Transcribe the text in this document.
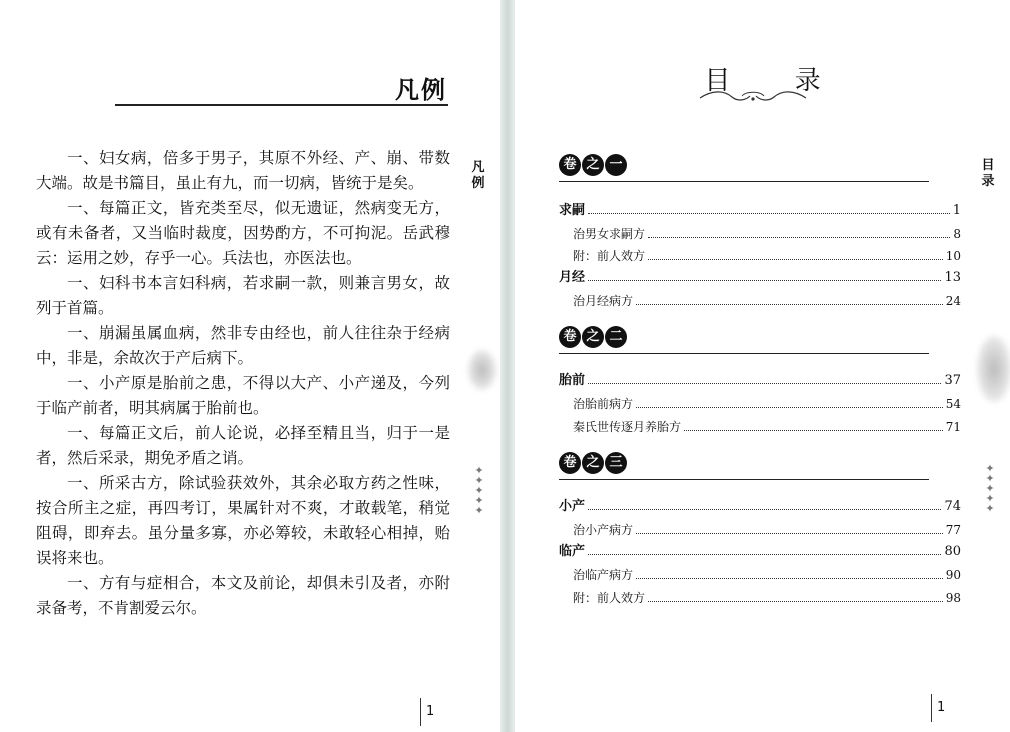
凡例

一、妇女病，倍多于男子，其原不外经、产、崩、带数大端。故是书篇目，虽止有九，而一切病，皆统于是矣。

一、每篇正文，皆充类至尽，似无遗证，然病变无方，或有未备者，又当临时裁度，因势酌方，不可拘泥。岳武穆云：运用之妙，存乎一心。兵法也，亦医法也。

一、妇科书本言妇科病，若求嗣一款，则兼言男女，故列于首篇。

一、崩漏虽属血病，然非专由经也，前人往往杂于经病中，非是，余故次于产后病下。

一、小产原是胎前之患，不得以大产、小产递及，今列于临产前者，明其病属于胎前也。

一、每篇正文后，前人论说，必择至精且当，归于一是者，然后采录，期免矛盾之诮。

一、所采古方，除试验获效外，其余必取方药之性味，按合所主之症，再四考订，果属针对不爽，才敢载笔，稍觉阻碍，即弃去。虽分量多寡，亦必筹较，未敢轻心相掉，贻误将来也。

一、方有与症相合，本文及前论，却俱未引及者，亦附录备考，不肯割爱云尔。

凡
例
✦
✦
✦
✦
✦
1
目 录
目
录
✦
✦
✦
✦
✦
卷 之 一
求嗣	1
治男女求嗣方	8
附：前人效方	10
月经	13
治月经病方	24
卷 之 二
胎前	37
治胎前病方	54
秦氏世传逐月养胎方	71
卷 之 三
小产	74
治小产病方	77
临产	80
治临产病方	90
附：前人效方	98
1
